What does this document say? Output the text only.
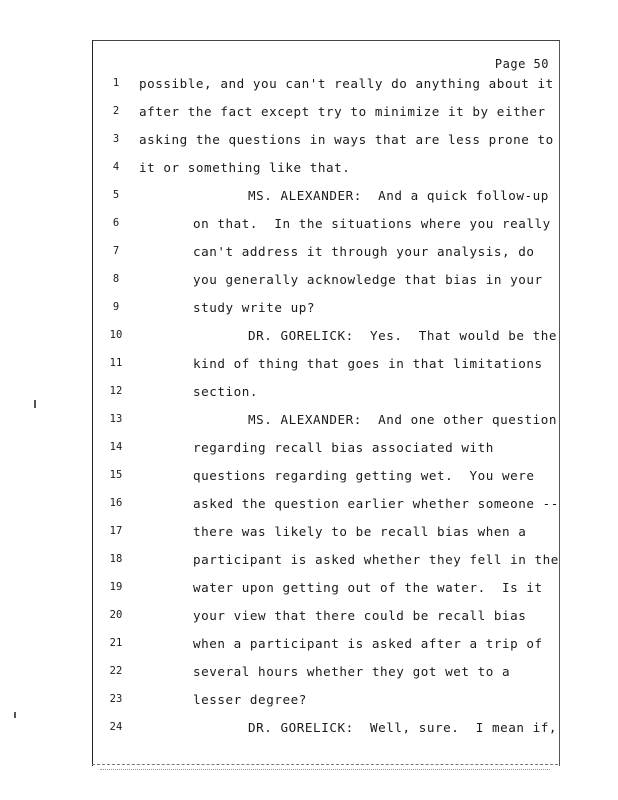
Page 50
1	possible, and you can't really do anything about it
2	after the fact except try to minimize it by either
3	asking the questions in ways that are less prone to
4	it or something like that.
5	MS. ALEXANDER:  And a quick follow-up
6	on that.  In the situations where you really
7	can't address it through your analysis, do
8	you generally acknowledge that bias in your
9	study write up?
10	DR. GORELICK:  Yes.  That would be the
11	kind of thing that goes in that limitations
12	section.
13	MS. ALEXANDER:  And one other question
14	regarding recall bias associated with
15	questions regarding getting wet.  You were
16	asked the question earlier whether someone --
17	there was likely to be recall bias when a
18	participant is asked whether they fell in the
19	water upon getting out of the water.  Is it
20	your view that there could be recall bias
21	when a participant is asked after a trip of
22	several hours whether they got wet to a
23	lesser degree?
24	DR. GORELICK:  Well, sure.  I mean if,
